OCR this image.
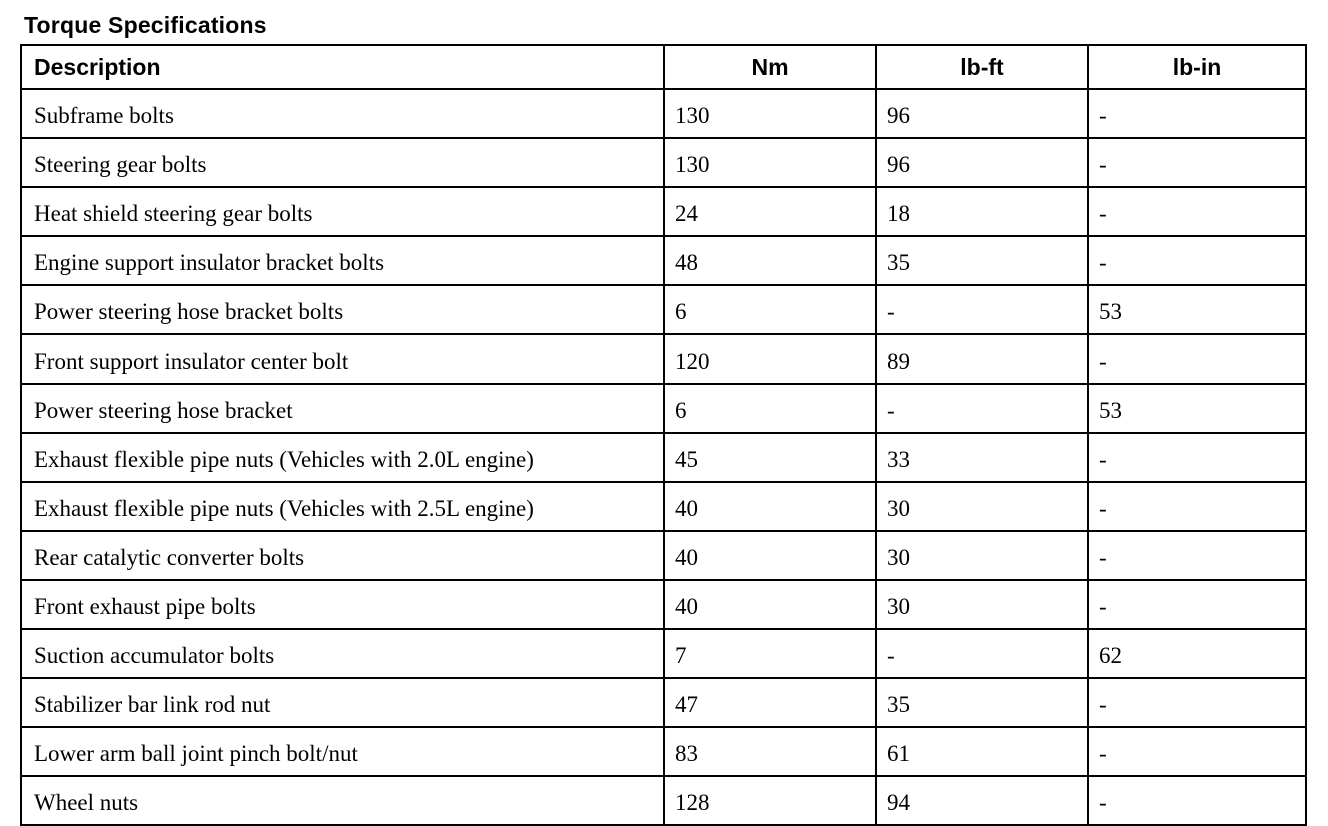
Torque Specifications
Description	Nm	lb-ft	lb-in
Subframe bolts	130	96	-
Steering gear bolts	130	96	-
Heat shield steering gear bolts	24	18	-
Engine support insulator bracket bolts	48	35	-
Power steering hose bracket bolts	6	-	53
Front support insulator center bolt	120	89	-
Power steering hose bracket	6	-	53
Exhaust flexible pipe nuts (Vehicles with 2.0L engine)	45	33	-
Exhaust flexible pipe nuts (Vehicles with 2.5L engine)	40	30	-
Rear catalytic converter bolts	40	30	-
Front exhaust pipe bolts	40	30	-
Suction accumulator bolts	7	-	62
Stabilizer bar link rod nut	47	35	-
Lower arm ball joint pinch bolt/nut	83	61	-
Wheel nuts	128	94	-
